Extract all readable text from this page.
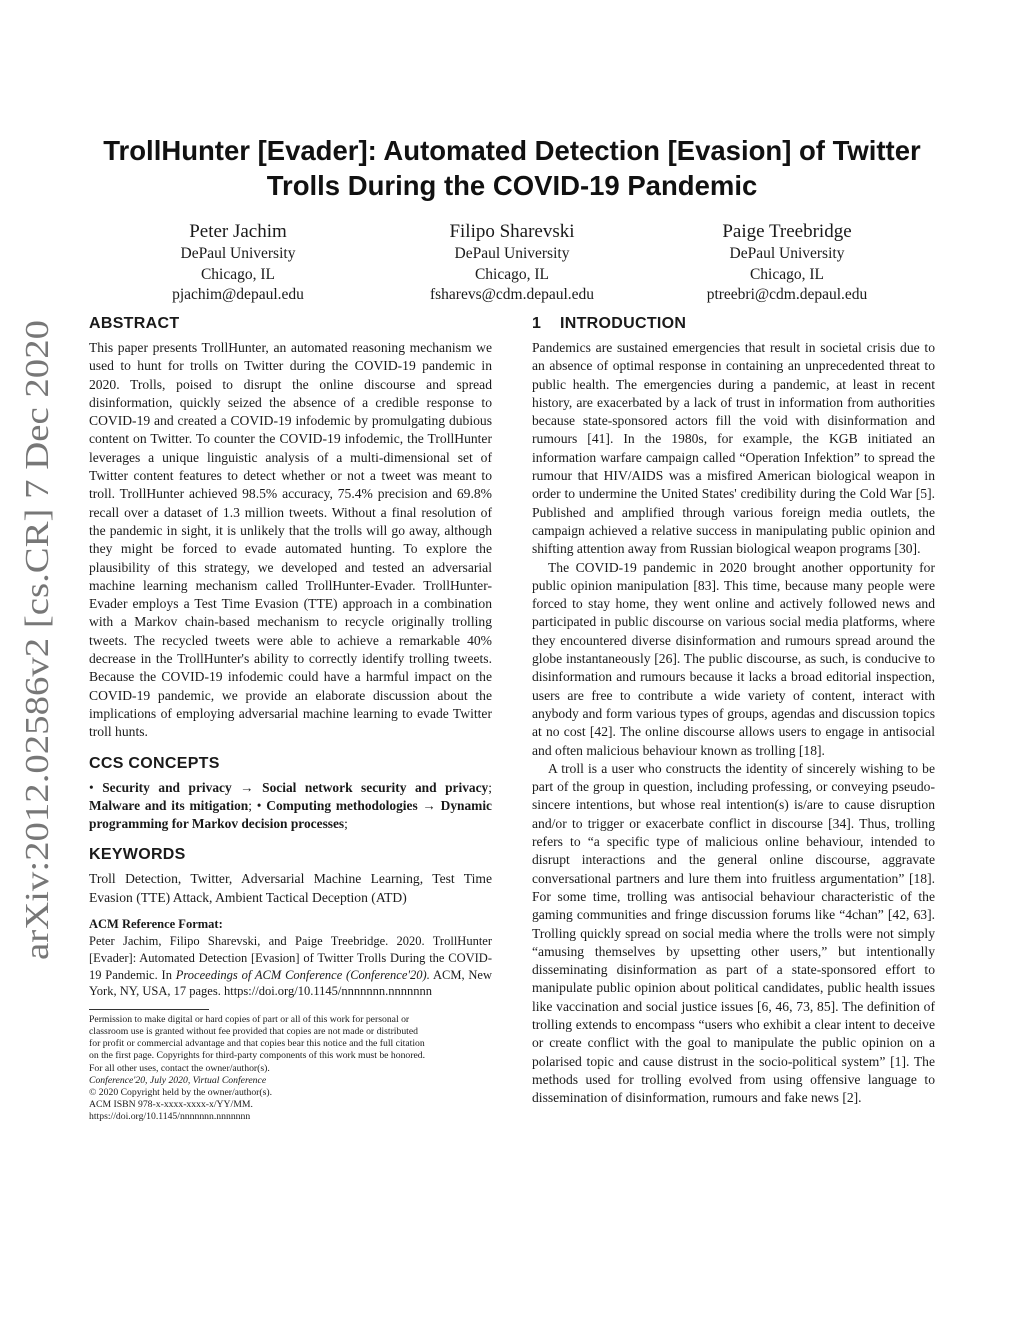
arXiv:2012.02586v2 [cs.CR] 7 Dec 2020
TrollHunter [Evader]: Automated Detection [Evasion] of Twitter
Trolls During the COVID-19 Pandemic
Peter Jachim
DePaul University
Chicago, IL
pjachim@depaul.edu
Filipo Sharevski
DePaul University
Chicago, IL
fsharevs@cdm.depaul.edu
Paige Treebridge
DePaul University
Chicago, IL
ptreebri@cdm.depaul.edu
ABSTRACT

This paper presents TrollHunter, an automated reasoning mechanism we used to hunt for trolls on Twitter during the COVID-19 pandemic in 2020. Trolls, poised to disrupt the online discourse and spread disinformation, quickly seized the absence of a credible response to COVID-19 and created a COVID-19 infodemic by promulgating dubious content on Twitter. To counter the COVID-19 infodemic, the TrollHunter leverages a unique linguistic analysis of a multi-dimensional set of Twitter content features to detect whether or not a tweet was meant to troll. TrollHunter achieved 98.5% accuracy, 75.4% precision and 69.8% recall over a dataset of 1.3 million tweets. Without a final resolution of the pandemic in sight, it is unlikely that the trolls will go away, although they might be forced to evade automated hunting. To explore the plausibility of this strategy, we developed and tested an adversarial machine learning mechanism called TrollHunter-Evader. TrollHunter-Evader employs a Test Time Evasion (TTE) approach in a combination with a Markov chain-based mechanism to recycle originally trolling tweets. The recycled tweets were able to achieve a remarkable 40% decrease in the TrollHunter's ability to correctly identify trolling tweets. Because the COVID-19 infodemic could have a harmful impact on the COVID-19 pandemic, we provide an elaborate discussion about the implications of employing adversarial machine learning to evade Twitter troll hunts.

CCS CONCEPTS

• Security and privacy → Social network security and privacy; Malware and its mitigation; • Computing methodologies → Dynamic programming for Markov decision processes;

KEYWORDS

Troll Detection, Twitter, Adversarial Machine Learning, Test Time Evasion (TTE) Attack, Ambient Tactical Deception (ATD)

ACM Reference Format:

Peter Jachim, Filipo Sharevski, and Paige Treebridge. 2020. TrollHunter [Evader]: Automated Detection [Evasion] of Twitter Trolls During the COVID-19 Pandemic. In Proceedings of ACM Conference (Conference'20). ACM, New York, NY, USA, 17 pages. https://doi.org/10.1145/nnnnnnn.nnnnnnn

Permission to make digital or hard copies of part or all of this work for personal or
classroom use is granted without fee provided that copies are not made or distributed
for profit or commercial advantage and that copies bear this notice and the full citation
on the first page. Copyrights for third-party components of this work must be honored.
For all other uses, contact the owner/author(s).
Conference'20, July 2020, Virtual Conference
© 2020 Copyright held by the owner/author(s).
ACM ISBN 978-x-xxxx-xxxx-x/YY/MM.
https://doi.org/10.1145/nnnnnnn.nnnnnnn
1 INTRODUCTION

Pandemics are sustained emergencies that result in societal crisis due to an absence of optimal response in containing an unprecedented threat to public health. The emergencies during a pandemic, at least in recent history, are exacerbated by a lack of trust in information from authorities because state-sponsored actors fill the void with disinformation and rumours [41]. In the 1980s, for example, the KGB initiated an information warfare campaign called “Operation Infektion” to spread the rumour that HIV/AIDS was a misfired American biological weapon in order to undermine the United States' credibility during the Cold War [5]. Published and amplified through various foreign media outlets, the campaign achieved a relative success in manipulating public opinion and shifting attention away from Russian biological weapon programs [30].

The COVID-19 pandemic in 2020 brought another opportunity for public opinion manipulation [83]. This time, because many people were forced to stay home, they went online and actively followed news and participated in public discourse on various social media platforms, where they encountered diverse disinformation and rumours spread around the globe instantaneously [26]. The public discourse, as such, is conducive to disinformation and rumours because it lacks a broad editorial inspection, users are free to contribute a wide variety of content, interact with anybody and form various types of groups, agendas and discussion topics at no cost [42]. The online discourse allows users to engage in antisocial and often malicious behaviour known as trolling [18].

A troll is a user who constructs the identity of sincerely wishing to be part of the group in question, including professing, or conveying pseudo-sincere intentions, but whose real intention(s) is/are to cause disruption and/or to trigger or exacerbate conflict in discourse [34]. Thus, trolling refers to “a specific type of malicious online behaviour, intended to disrupt interactions and the general online discourse, aggravate conversational partners and lure them into fruitless argumentation” [18]. For some time, trolling was antisocial behaviour characteristic of the gaming communities and fringe discussion forums like “4chan” [42, 63]. Trolling quickly spread on social media where the trolls were not simply “amusing themselves by upsetting other users,” but intentionally disseminating disinformation as part of a state-sponsored effort to manipulate public opinion about political candidates, public health issues like vaccination and social justice issues [6, 46, 73, 85]. The definition of trolling extends to encompass “users who exhibit a clear intent to deceive or create conflict with the goal to manipulate the public opinion on a polarised topic and cause distrust in the socio-political system” [1]. The methods used for trolling evolved from using offensive language to dissemination of disinformation, rumours and fake news [2].
